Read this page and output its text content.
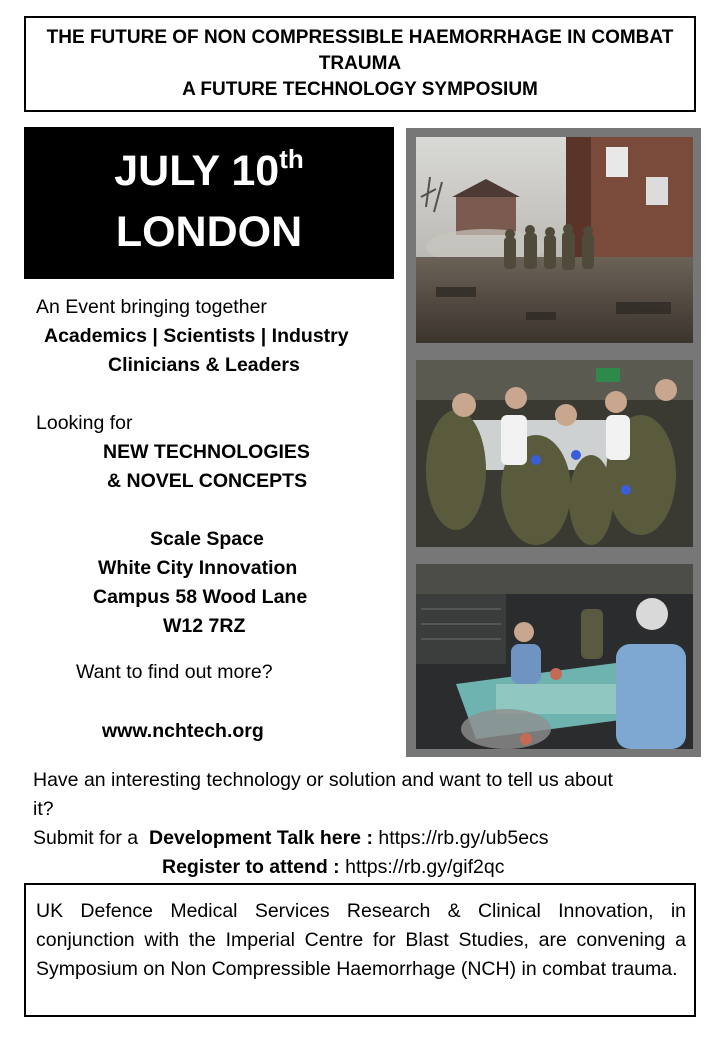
THE FUTURE OF NON COMPRESSIBLE HAEMORRHAGE IN COMBAT
TRAUMA
A FUTURE TECHNOLOGY SYMPOSIUM
JULY 10th
LONDON
An Event bringing together
Academics | Scientists | Industry
Clinicians & Leaders
Looking for
NEW TECHNOLOGIES
& NOVEL CONCEPTS
Scale Space
White City Innovation
Campus 58 Wood Lane
W12 7RZ
Want to find out more?
www.nchtech.org
Have an interesting technology or solution and want to tell us about
it?
Submit for a Development Talk here : https://rb.gy/ub5ecs
Register to attend : https://rb.gy/gif2qc
UK Defence Medical Services Research & Clinical Innovation, in conjunction with the Imperial Centre for Blast Studies, are convening a Symposium on Non Compressible Haemorrhage (NCH) in combat trauma.
